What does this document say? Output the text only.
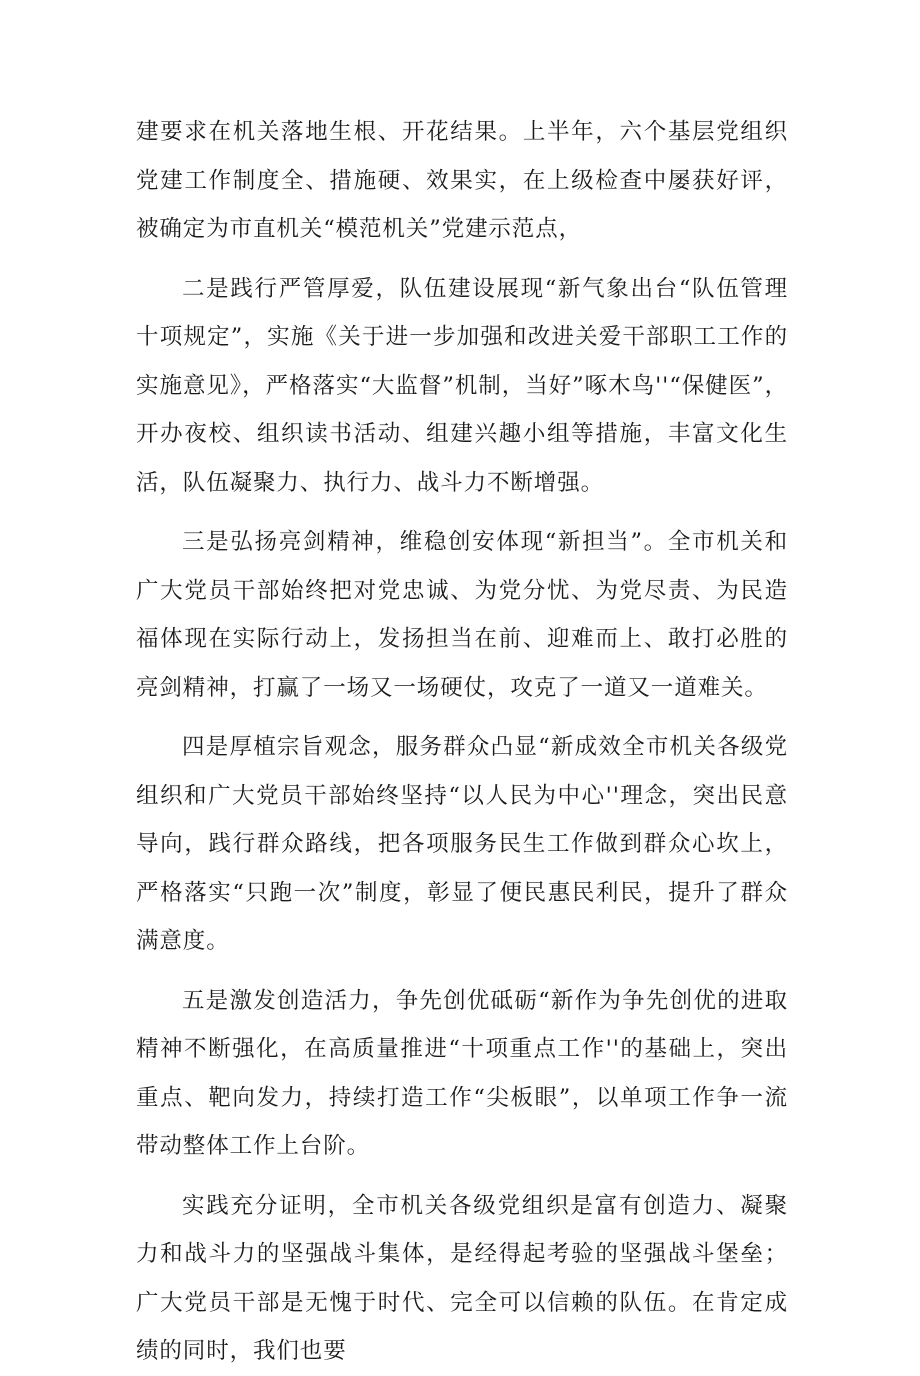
建要求在机关落地生根、开花结果。上半年，六个基层党组织党建工作制度全、措施硬、效果实，在上级检查中屡获好评，被确定为市直机关“模范机关”党建示范点，

二是践行严管厚爱，队伍建设展现“新气象出台“队伍管理十项规定”，实施《关于进一步加强和改进关爱干部职工工作的实施意见》，严格落实“大监督”机制，当好”啄木鸟''“保健医”，开办夜校、组织读书活动、组建兴趣小组等措施，丰富文化生活，队伍凝聚力、执行力、战斗力不断增强。

三是弘扬亮剑精神，维稳创安体现“新担当”。全市机关和广大党员干部始终把对党忠诚、为党分忧、为党尽责、为民造福体现在实际行动上，发扬担当在前、迎难而上、敢打必胜的亮剑精神，打赢了一场又一场硬仗，攻克了一道又一道难关。

四是厚植宗旨观念，服务群众凸显“新成效全市机关各级党组织和广大党员干部始终坚持“以人民为中心''理念，突出民意导向，践行群众路线，把各项服务民生工作做到群众心坎上，严格落实“只跑一次”制度，彰显了便民惠民利民，提升了群众满意度。

五是激发创造活力，争先创优砥砺“新作为争先创优的进取精神不断强化，在高质量推进“十项重点工作''的基础上，突出重点、靶向发力，持续打造工作“尖板眼”，以单项工作争一流带动整体工作上台阶。

实践充分证明，全市机关各级党组织是富有创造力、凝聚力和战斗力的坚强战斗集体，是经得起考验的坚强战斗堡垒；广大党员干部是无愧于时代、完全可以信赖的队伍。在肯定成绩的同时，我们也要
